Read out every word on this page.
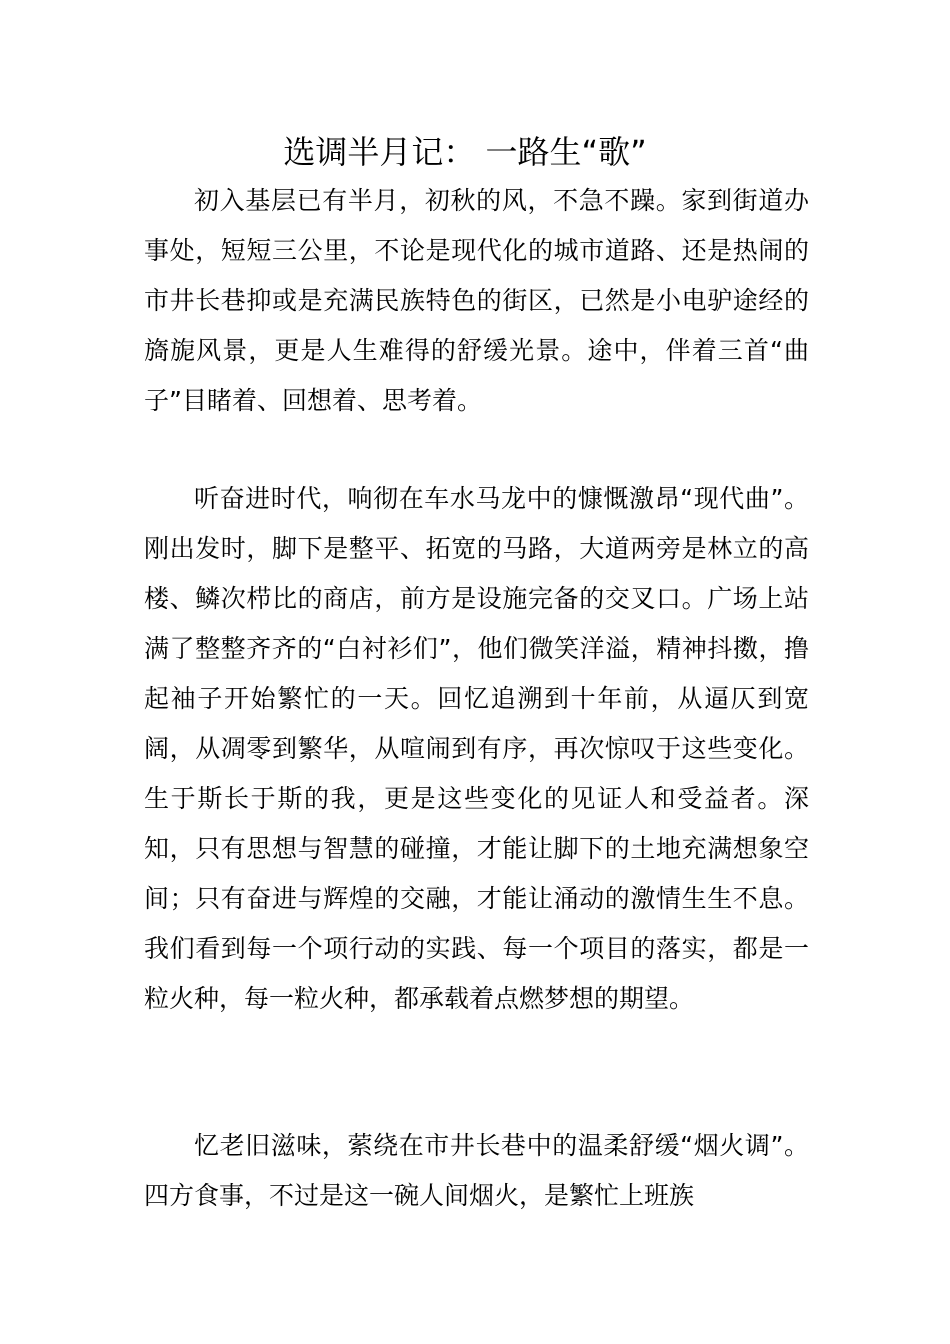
选调半月记： 一路生“歌”

初入基层已有半月，初秋的风，不急不躁。家到街道办事处，短短三公里，不论是现代化的城市道路、还是热闹的市井长巷抑或是充满民族特色的街区，已然是小电驴途经的旖旎风景，更是人生难得的舒缓光景。途中，伴着三首“曲子”目睹着、回想着、思考着。

听奋进时代，响彻在车水马龙中的慷慨激昂“现代曲”。刚出发时，脚下是整平、拓宽的马路，大道两旁是林立的高楼、鳞次栉比的商店，前方是设施完备的交叉口。广场上站满了整整齐齐的“白衬衫们”，他们微笑洋溢，精神抖擞，撸起袖子开始繁忙的一天。回忆追溯到十年前，从逼仄到宽阔，从凋零到繁华，从喧闹到有序，再次惊叹于这些变化。生于斯长于斯的我，更是这些变化的见证人和受益者。深知，只有思想与智慧的碰撞，才能让脚下的土地充满想象空间；只有奋进与辉煌的交融，才能让涌动的激情生生不息。我们看到每一个项行动的实践、每一个项目的落实，都是一粒火种，每一粒火种，都承载着点燃梦想的期望。

忆老旧滋味，萦绕在市井长巷中的温柔舒缓“烟火调”。四方食事，不过是这一碗人间烟火，是繁忙上班族
